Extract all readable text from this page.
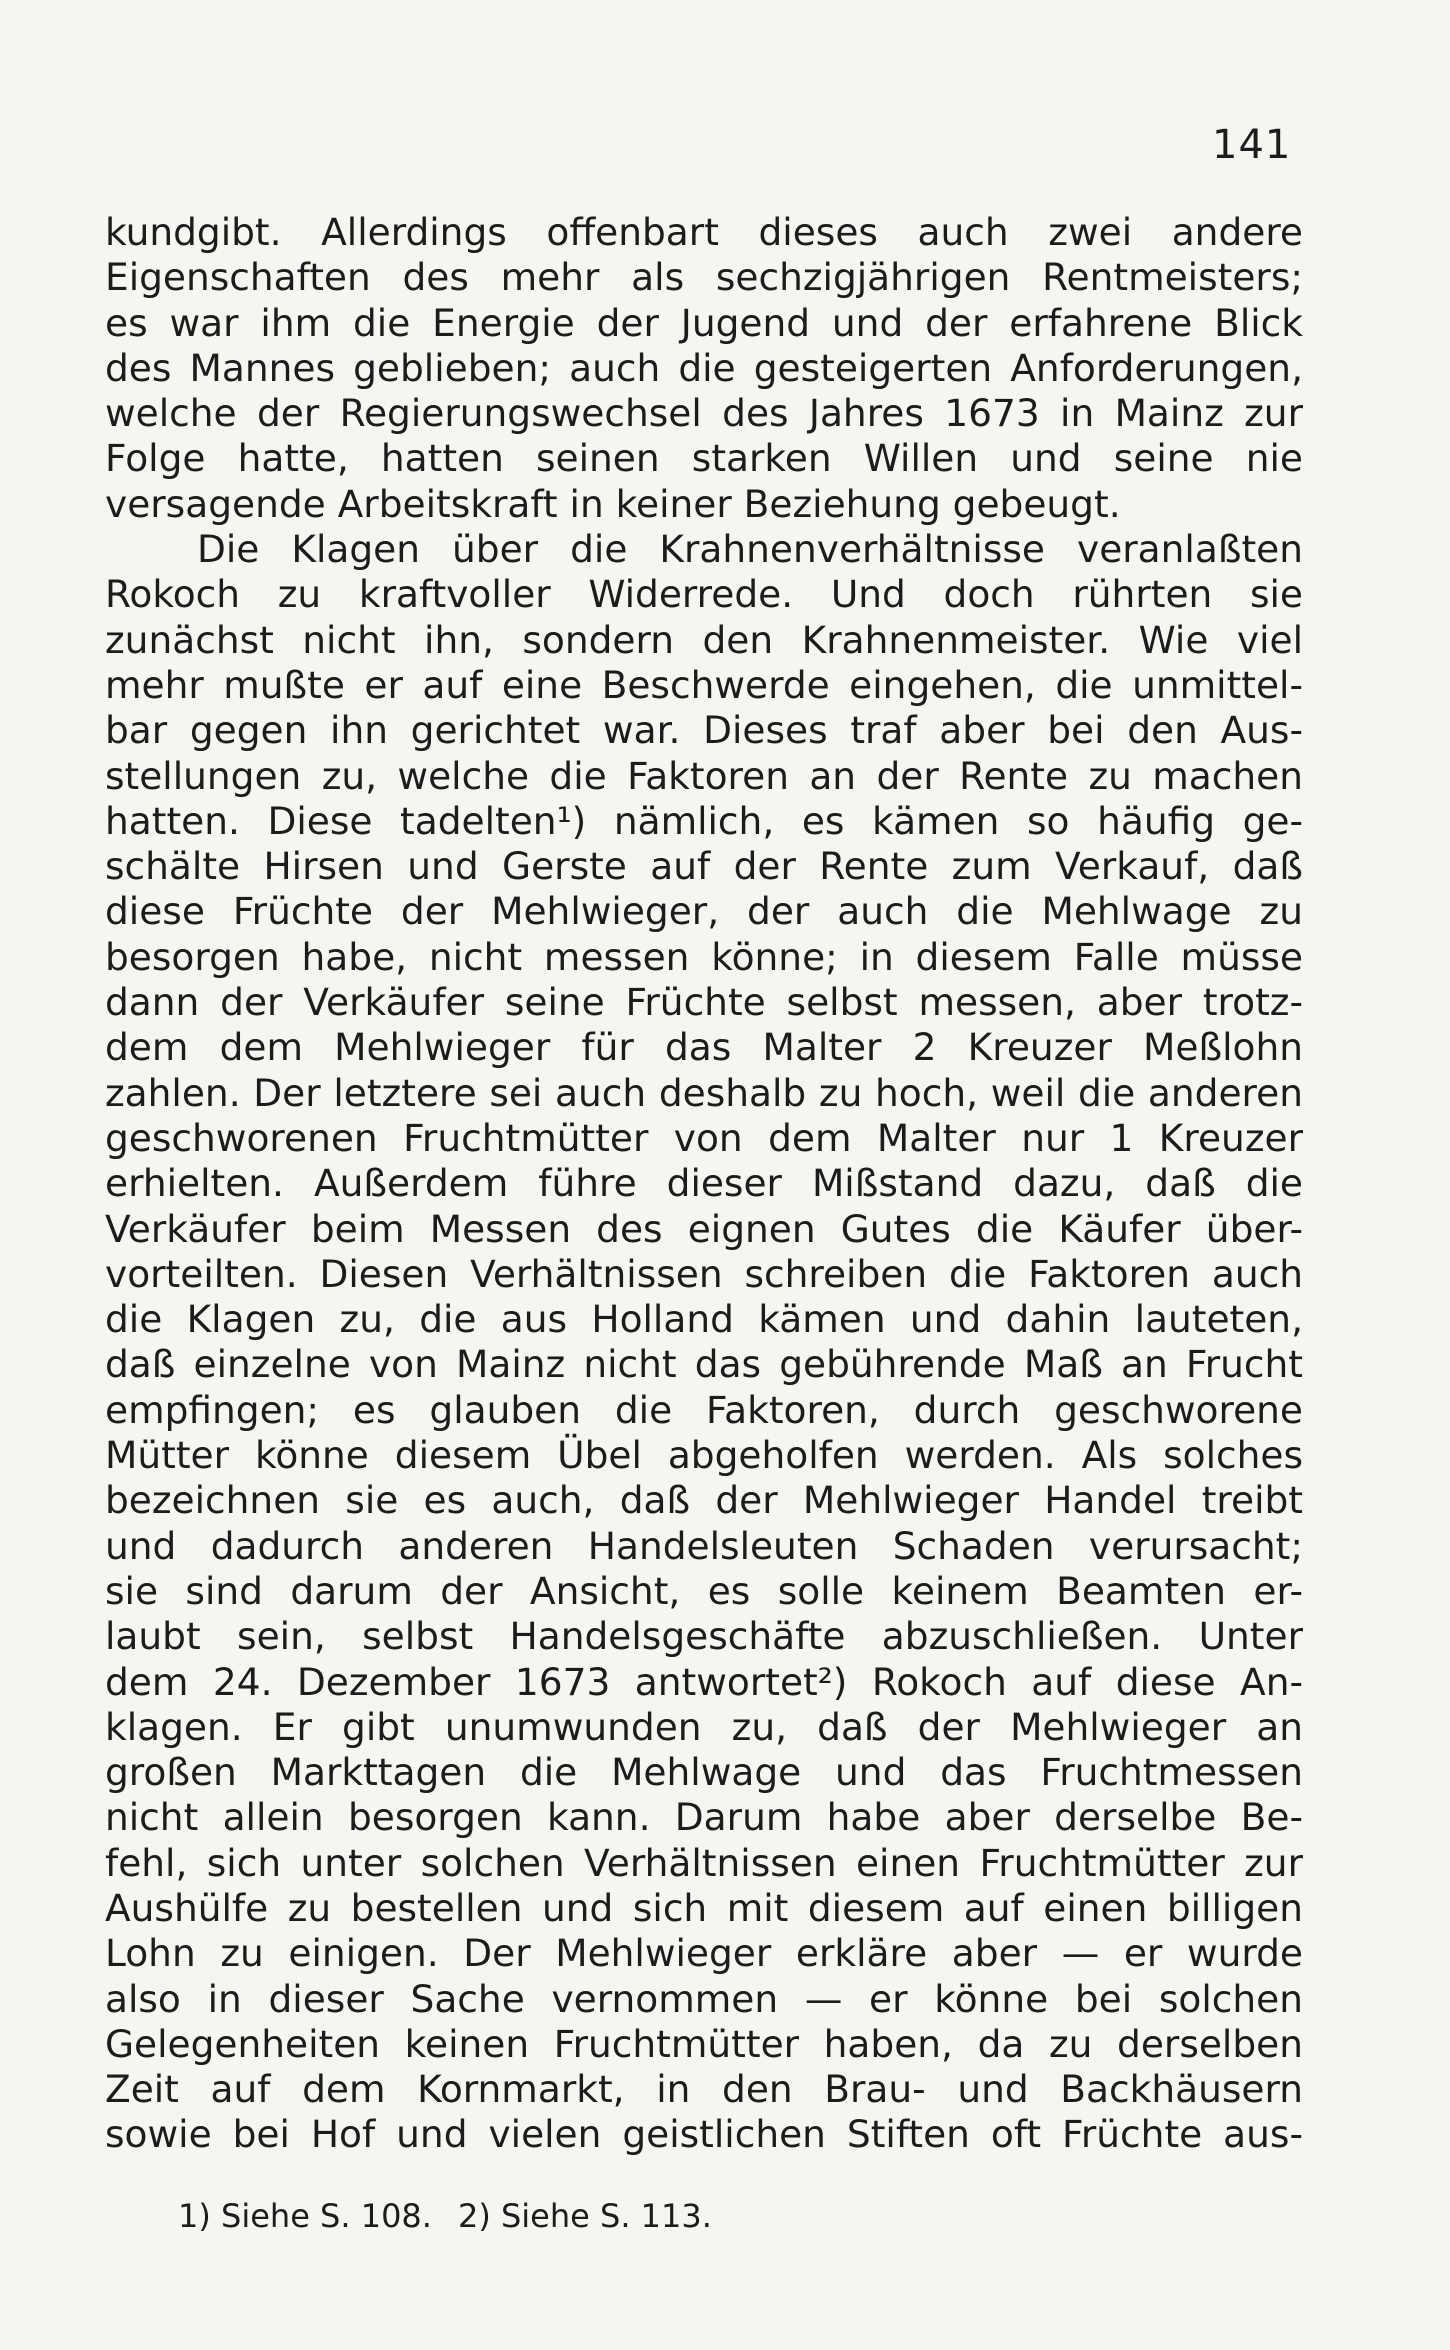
141
kundgibt. Allerdings offenbart dieses auch zwei andere
Eigenschaften des mehr als sechzigjährigen Rentmeisters;
es war ihm die Energie der Jugend und der erfahrene Blick
des Mannes geblieben; auch die gesteigerten Anforderungen,
welche der Regierungswechsel des Jahres 1673 in Mainz zur
Folge hatte, hatten seinen starken Willen und seine nie
versagende Arbeitskraft in keiner Beziehung gebeugt.
Die Klagen über die Krahnenverhältnisse veranlaßten
Rokoch zu kraftvoller Widerrede. Und doch rührten sie
zunächst nicht ihn, sondern den Krahnenmeister. Wie viel
mehr mußte er auf eine Beschwerde eingehen, die unmittel-
bar gegen ihn gerichtet war. Dieses traf aber bei den Aus-
stellungen zu, welche die Faktoren an der Rente zu machen
hatten. Diese tadelten¹) nämlich, es kämen so häufig ge-
schälte Hirsen und Gerste auf der Rente zum Verkauf, daß
diese Früchte der Mehlwieger, der auch die Mehlwage zu
besorgen habe, nicht messen könne; in diesem Falle müsse
dann der Verkäufer seine Früchte selbst messen, aber trotz-
dem dem Mehlwieger für das Malter 2 Kreuzer Meßlohn
zahlen. Der letztere sei auch deshalb zu hoch, weil die anderen
geschworenen Fruchtmütter von dem Malter nur 1 Kreuzer
erhielten. Außerdem führe dieser Mißstand dazu, daß die
Verkäufer beim Messen des eignen Gutes die Käufer über-
vorteilten. Diesen Verhältnissen schreiben die Faktoren auch
die Klagen zu, die aus Holland kämen und dahin lauteten,
daß einzelne von Mainz nicht das gebührende Maß an Frucht
empfingen; es glauben die Faktoren, durch geschworene
Mütter könne diesem Übel abgeholfen werden. Als solches
bezeichnen sie es auch, daß der Mehlwieger Handel treibt
und dadurch anderen Handelsleuten Schaden verursacht;
sie sind darum der Ansicht, es solle keinem Beamten er-
laubt sein, selbst Handelsgeschäfte abzuschließen. Unter
dem 24. Dezember 1673 antwortet²) Rokoch auf diese An-
klagen. Er gibt unumwunden zu, daß der Mehlwieger an
großen Markttagen die Mehlwage und das Fruchtmessen
nicht allein besorgen kann. Darum habe aber derselbe Be-
fehl, sich unter solchen Verhältnissen einen Fruchtmütter zur
Aushülfe zu bestellen und sich mit diesem auf einen billigen
Lohn zu einigen. Der Mehlwieger erkläre aber — er wurde
also in dieser Sache vernommen — er könne bei solchen
Gelegenheiten keinen Fruchtmütter haben, da zu derselben
Zeit auf dem Kornmarkt, in den Brau- und Backhäusern
sowie bei Hof und vielen geistlichen Stiften oft Früchte aus-
1) Siehe S. 108. 2) Siehe S. 113.
